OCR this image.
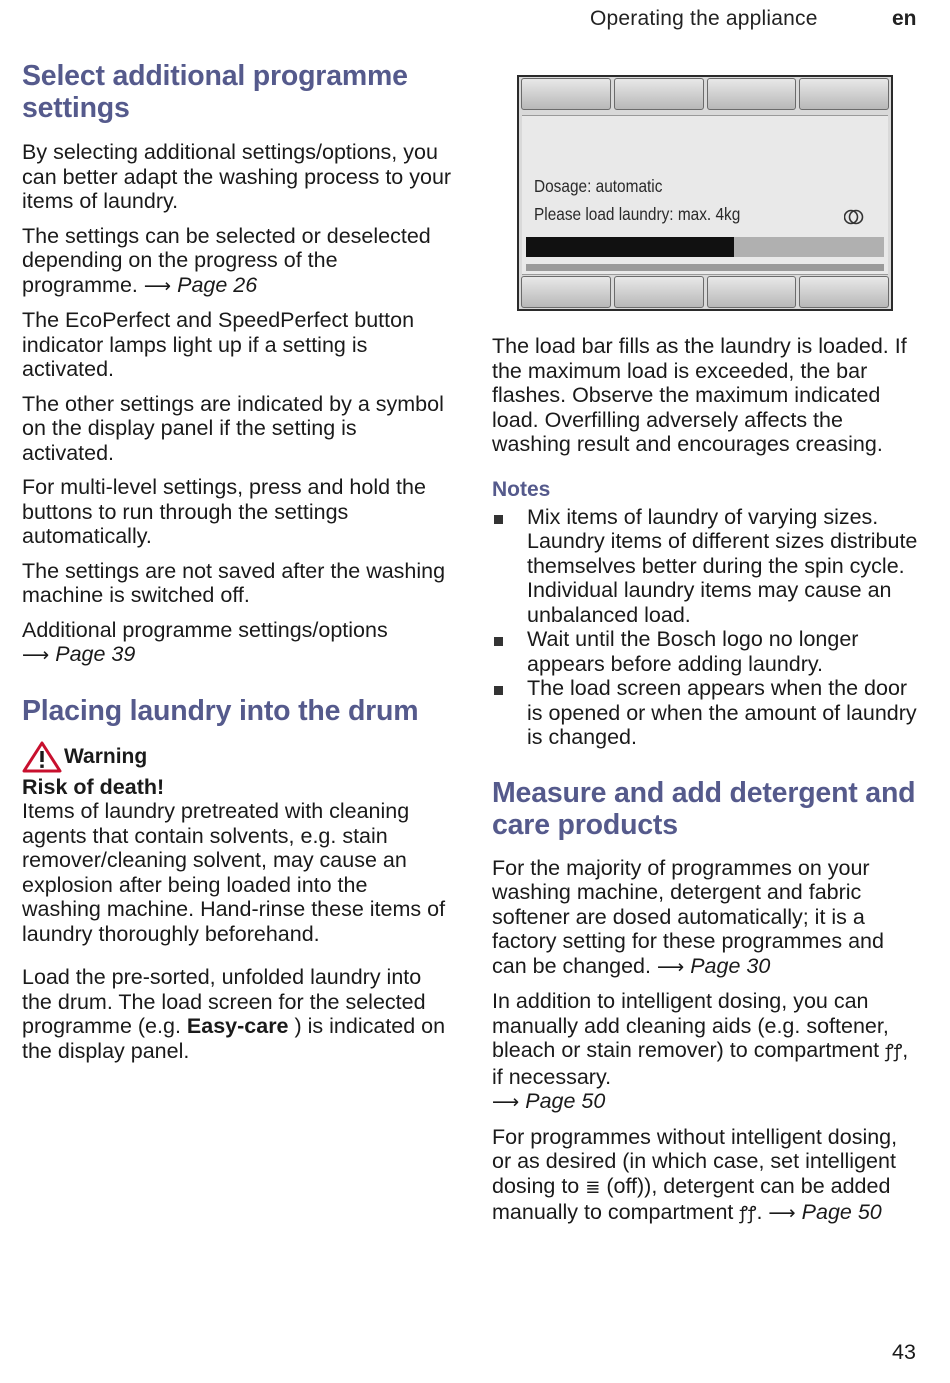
Operating the appliance	en
Select additional programme settings

By selecting additional settings/options, you can better adapt the washing process to your items of laundry.

The settings can be selected or deselected depending on the progress of the programme. ⟶ Page 26

The EcoPerfect and SpeedPerfect button indicator lamps light up if a setting is activated.

The other settings are indicated by a symbol on the display panel if the setting is activated.

For multi-level settings, press and hold the buttons to run through the settings automatically.

The settings are not saved after the washing machine is switched off.

Additional programme settings/options
⟶ Page 39

Placing laundry into the drum
Warning

Risk of death!

Items of laundry pretreated with cleaning agents that contain solvents, e.g. stain remover/cleaning solvent, may cause an explosion after being loaded into the washing machine. Hand-rinse these items of laundry thoroughly beforehand.

Load the pre-sorted, unfolded laundry into the drum. The load screen for the selected programme (e.g. Easy-care ) is indicated on the display panel.

Dosage: automatic
Please load laundry: max. 4kg

The load bar fills as the laundry is loaded. If the maximum load is exceeded, the bar flashes. Observe the maximum indicated load. Overfilling adversely affects the washing result and encourages creasing.

Notes
Mix items of laundry of varying sizes. Laundry items of different sizes distribute themselves better during the spin cycle. Individual laundry items may cause an unbalanced load.
Wait until the Bosch logo no longer appears before adding laundry.
The load screen appears when the door is opened or when the amount of laundry is changed.
Measure and add detergent and care products

For the majority of programmes on your washing machine, detergent and fabric softener are dosed automatically; it is a factory setting for these programmes and can be changed. ⟶ Page 30

In addition to intelligent dosing, you can manually add cleaning aids (e.g. softener, bleach or stain remover) to compartment ꝭꝭ, if necessary.
⟶ Page 50

For programmes without intelligent dosing, or as desired (in which case, set intelligent dosing to ≣ (off)), detergent can be added manually to compartment ꝭꝭ. ⟶ Page 50

43
